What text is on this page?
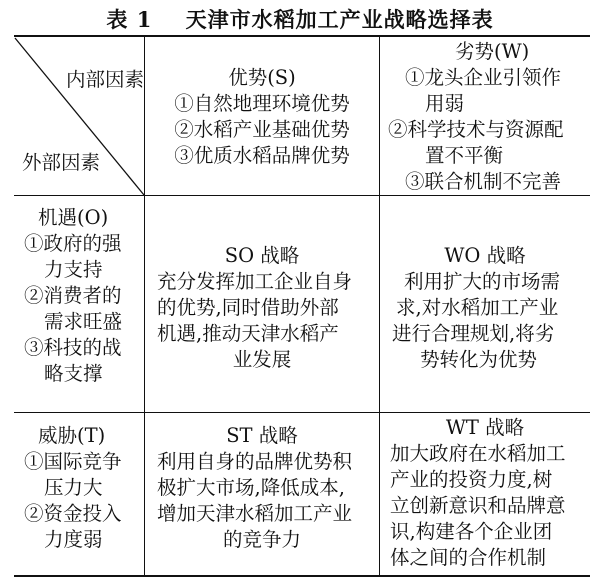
表 1    天津市水稻加工产业战略选择表
内部因素
外部因素
优势(S)
①自然地理环境优势
②水稻产业基础优势
③优质水稻品牌优势
劣势(W)
①龙头企业引领作
用弱
②科学技术与资源配
置不平衡
③联合机制不完善
机遇(O)
①政府的强
力支持
②消费者的
需求旺盛
③科技的战
略支撑
SO 战略
充分发挥加工企业自身
的优势,同时借助外部
机遇,推动天津水稻产
业发展
WO 战略
利用扩大的市场需
求,对水稻加工产业
进行合理规划,将劣
势转化为优势
威胁(T)
①国际竞争
压力大
②资金投入
力度弱
ST 战略
利用自身的品牌优势积
极扩大市场,降低成本,
增加天津水稻加工产业
的竞争力
WT 战略
加大政府在水稻加工
产业的投资力度,树
立创新意识和品牌意
识,构建各个企业团
体之间的合作机制
